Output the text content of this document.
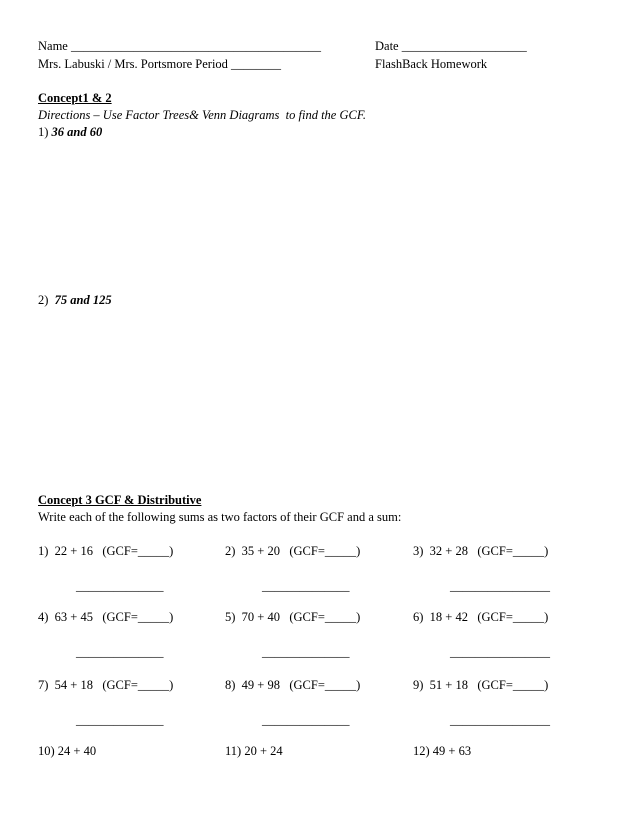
Name ________________________________________	Date ____________________
Mrs. Labuski / Mrs. Portsmore Period ________	FlashBack Homework
Concept1 & 2
Directions – Use Factor Trees& Venn Diagrams  to find the GCF.
1) 36 and 60
2)  75 and 125
Concept 3 GCF & Distributive
Write each of the following sums as two factors of their GCF and a sum:
1)  22 + 16   (GCF=_____)	2)  35 + 20   (GCF=_____)	3)  32 + 28   (GCF=_____)
______________	______________	________________
4)  63 + 45   (GCF=_____)	5)  70 + 40   (GCF=_____)	6)  18 + 42   (GCF=_____)
______________	______________	________________
7)  54 + 18   (GCF=_____)	8)  49 + 98   (GCF=_____)	9)  51 + 18   (GCF=_____)
______________	______________	________________
10) 24 + 40	11) 20 + 24	12) 49 + 63
